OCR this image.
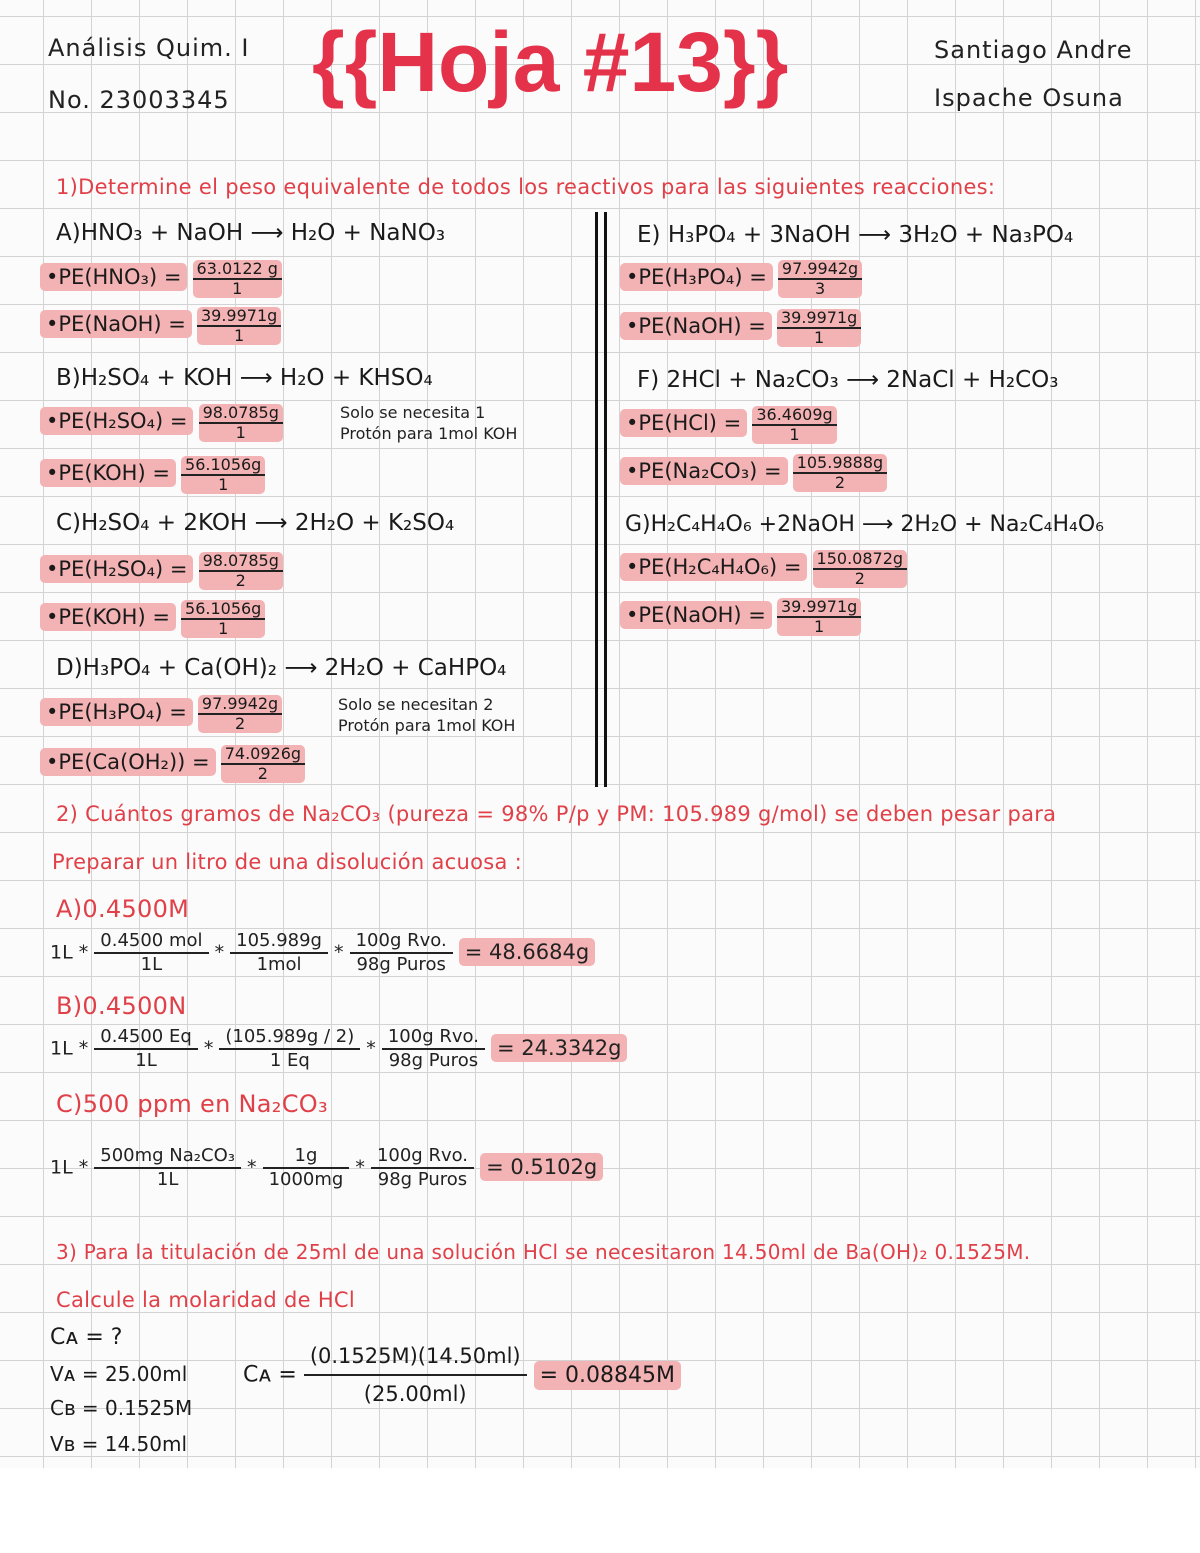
Análisis Quim. I
No. 23003345 {{Hoja #13}}	Santiago Andre
Ispache Osuna
1)Determine el peso equivalente de todos los reactivos para las siguientes reacciones:
A)HNO₃ + NaOH ⟶ H₂O + NaNO₃
•PE(HNO₃) = $\frac{63.0122 g}{1}$
•PE(NaOH) = $\frac{39.9971g}{1}$
B)H₂SO₄ + KOH ⟶ H₂O + KHSO₄
•PE(H₂SO₄) = $\frac{98.0785g}{1}$	Solo se necesita 1
Protón para 1mol KOH
•PE(KOH) = $\frac{56.1056g}{1}$
C)H₂SO₄ + 2KOH ⟶ 2H₂O + K₂SO₄
•PE(H₂SO₄) = $\frac{98.0785g}{2}$
•PE(KOH) = $\frac{56.1056g}{1}$
D)H₃PO₄ + Ca(OH)₂ ⟶ 2H₂O + CaHPO₄
•PE(H₃PO₄) = $\frac{97.9942g}{2}$	Solo se necesitan 2
Protón para 1mol KOH
•PE(Ca(OH₂)) = $\frac{74.0926g}{2}$
E) H₃PO₄ + 3NaOH ⟶ 3H₂O + Na₃PO₄
•PE(H₃PO₄) = $\frac{97.9942g}{3}$
•PE(NaOH) = $\frac{39.9971g}{1}$
F) 2HCl + Na₂CO₃ ⟶ 2NaCl + H₂CO₃
•PE(HCl) = $\frac{36.4609g}{1}$
•PE(Na₂CO₃) = $\frac{105.9888g}{2}$
G)H₂C₄H₄O₆ +2NaOH ⟶ 2H₂O + Na₂C₄H₄O₆
•PE(H₂C₄H₄O₆) = $\frac{150.0872g}{2}$
•PE(NaOH) = $\frac{39.9971g}{1}$
2) Cuántos gramos de Na₂CO₃ (pureza = 98% P/p y PM: 105.989 g/mol) se deben pesar para
Preparar un litro de una disolución acuosa :
A)0.4500M
1L *
0.4500 mol
1L
*
105.989g
1mol
*
100g Rvo.
98g Puros
= 48.6684g
B)0.4500N
$1L * \frac{0.4500 Eq}{1L} * \frac{(105.989g / 2)}{1 Eq}$ *
100g Rvo.
98g Puros
= 24.3342g
C)500 ppm en Na₂CO₃
$1L * \frac{\text{500mg Na₂CO₃}}{1L} * \frac{1g}{1000mg}$ *
100g Rvo.
98g Puros
= 0.5102g
3) Para la titulación de 25ml de una solución HCl se necesitaron 14.50ml de Ba(OH)₂ 0.1525M.
Calcule la molaridad de HCl
Cᴀ = ?
Vᴀ = 25.00ml
Cʙ = 0.1525M
Vʙ = 14.50ml
Cᴀ = $\frac{(0.1525M)(14.50ml)}{(25.00ml)} = 0.08845M$
